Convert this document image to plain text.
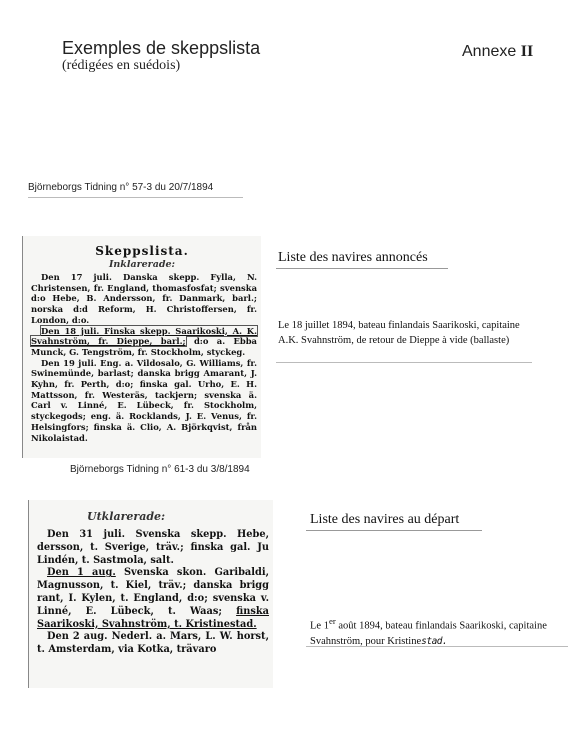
Exemples de skeppslista
(rédigées en suédois)
Annexe II
Björneborgs Tidning n° 57-3 du 20/7/1894
Skeppslista.
Inklarerade:

Den 17 juli. Danska skepp. Fylla, N. Christensen, fr. England, thomasfosfat; svenska d:o Hebe, B. Andersson, fr. Danmark, barl.; norska d:d Reform, H. Christoffersen, fr. London, d:o.

Den 18 juli. Finska skepp. Saarikoski, A. K. Svahnström, fr. Dieppe, barl.; d:o a. Ebba Munck, G. Tengström, fr. Stockholm, styckeg.

Den 19 juli. Eng. a. Vildosalo, G. Williams, fr. Swinemünde, barlast; danska brigg Amarant, J. Kyhn, fr. Perth, d:o; finska gal. Urho, E. H. Mattsson, fr. Westeräs, tackjern; svenska ä. Carl v. Linné, E. Lübeck, fr. Stockholm, styckegods; eng. ä. Rocklands, J. E. Venus, fr. Helsingfors; finska ä. Clio, A. Björkqvist, från Nikolaistad.

Liste des navires annoncés
Le 18 juillet 1894, bateau finlandais Saarikoski, capitaine A.K. Svahnström, de retour de Dieppe à vide (ballaste)
Björneborgs Tidning n° 61-3 du 3/8/1894
Utklarerade:

Den 31 juli. Svenska skepp. Hebe, dersson, t. Sverige, träv.; finska gal. Ju Lindén, t. Sastmola, salt.

Den 1 aug. Svenska skon. Garibaldi, Magnusson, t. Kiel, träv.; danska brigg rant, I. Kylen, t. England, d:o; svenska v. Linné, E. Lübeck, t. Waas; finska Saarikoski, Svahnström, t. Kristinestad.

Den 2 aug. Nederl. a. Mars, L. W. horst, t. Amsterdam, via Kotka, trävaro

Liste des navires au départ
Le 1er août 1894, bateau finlandais Saarikoski, capitaine Svahnström, pour Kristinestad.
